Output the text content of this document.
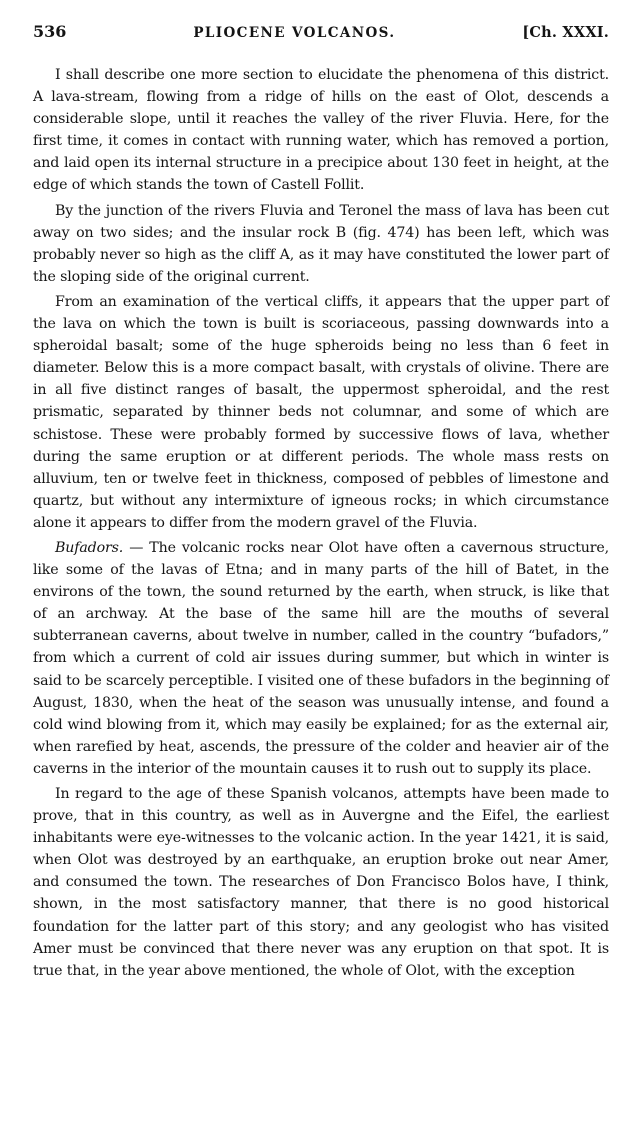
536	PLIOCENE VOLCANOS.	[Ch. XXXI.

I shall describe one more section to elucidate the phenomena of this district. A lava-stream, flowing from a ridge of hills on the east of Olot, descends a considerable slope, until it reaches the valley of the river Fluvia. Here, for the first time, it comes in contact with running water, which has removed a portion, and laid open its internal structure in a precipice about 130 feet in height, at the edge of which stands the town of Castell Follit.

By the junction of the rivers Fluvia and Teronel the mass of lava has been cut away on two sides; and the insular rock B (fig. 474) has been left, which was probably never so high as the cliff A, as it may have constituted the lower part of the sloping side of the original current.

From an examination of the vertical cliffs, it appears that the upper part of the lava on which the town is built is scoriaceous, passing downwards into a spheroidal basalt; some of the huge spheroids being no less than 6 feet in diameter. Below this is a more compact basalt, with crystals of olivine. There are in all five distinct ranges of basalt, the uppermost spheroidal, and the rest prismatic, separated by thinner beds not columnar, and some of which are schistose. These were probably formed by successive flows of lava, whether during the same eruption or at different periods. The whole mass rests on alluvium, ten or twelve feet in thickness, composed of pebbles of limestone and quartz, but without any intermixture of igneous rocks; in which circumstance alone it appears to differ from the modern gravel of the Fluvia.

Bufadors. — The volcanic rocks near Olot have often a cavernous structure, like some of the lavas of Etna; and in many parts of the hill of Batet, in the environs of the town, the sound returned by the earth, when struck, is like that of an archway. At the base of the same hill are the mouths of several subterranean caverns, about twelve in number, called in the country “bufadors,” from which a current of cold air issues during summer, but which in winter is said to be scarcely perceptible. I visited one of these bufadors in the beginning of August, 1830, when the heat of the season was unusually intense, and found a cold wind blowing from it, which may easily be explained; for as the external air, when rarefied by heat, ascends, the pressure of the colder and heavier air of the caverns in the interior of the mountain causes it to rush out to supply its place.

In regard to the age of these Spanish volcanos, attempts have been made to prove, that in this country, as well as in Auvergne and the Eifel, the earliest inhabitants were eye-witnesses to the volcanic action. In the year 1421, it is said, when Olot was destroyed by an earthquake, an eruption broke out near Amer, and consumed the town. The researches of Don Francisco Bolos have, I think, shown, in the most satisfactory manner, that there is no good historical foundation for the latter part of this story; and any geologist who has visited Amer must be convinced that there never was any eruption on that spot. It is true that, in the year above mentioned, the whole of Olot, with the exception
